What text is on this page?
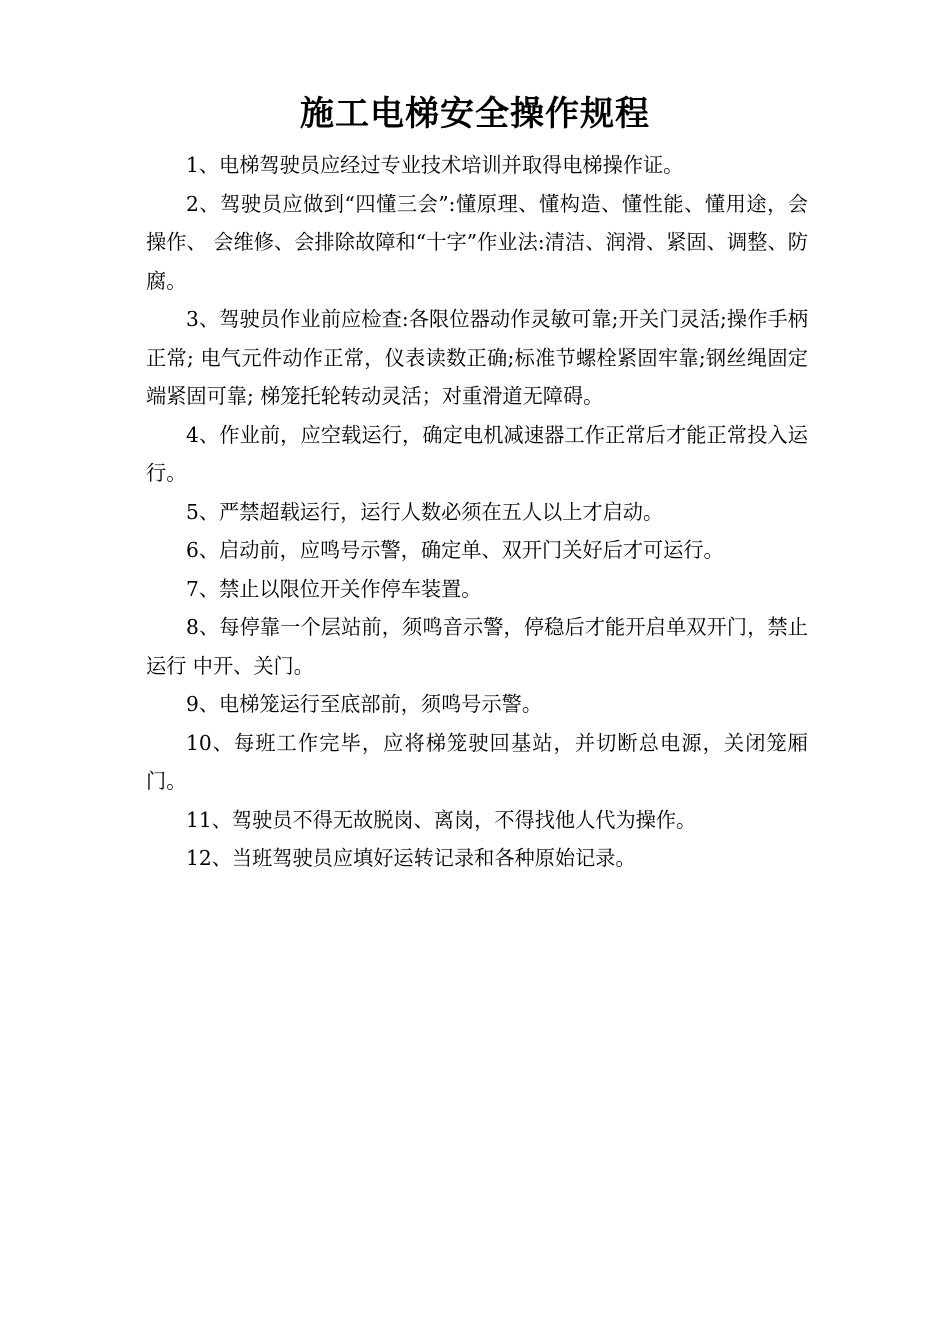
施工电梯安全操作规程

1、电梯驾驶员应经过专业技术培训并取得电梯操作证。

2、驾驶员应做到“四懂三会”:懂原理、懂构造、懂性能、懂用途，会操作、 会维修、会排除故障和“十字”作业法:清洁、润滑、紧固、调整、防腐。

3、驾驶员作业前应检查:各限位器动作灵敏可靠;开关门灵活;操作手柄正常; 电气元件动作正常，仪表读数正确;标准节螺栓紧固牢靠;钢丝绳固定端紧固可靠; 梯笼托轮转动灵活；对重滑道无障碍。

4、作业前，应空载运行，确定电机减速器工作正常后才能正常投入运行。

5、严禁超载运行，运行人数必须在五人以上才启动。

6、启动前，应鸣号示警，确定单、双开门关好后才可运行。

7、禁止以限位开关作停车装置。

8、每停靠一个层站前，须鸣音示警，停稳后才能开启单双开门，禁止运行 中开、关门。

9、电梯笼运行至底部前，须鸣号示警。

10、每班工作完毕，应将梯笼驶回基站，并切断总电源，关闭笼厢门。

11、驾驶员不得无故脱岗、离岗，不得找他人代为操作。

12、当班驾驶员应填好运转记录和各种原始记录。
